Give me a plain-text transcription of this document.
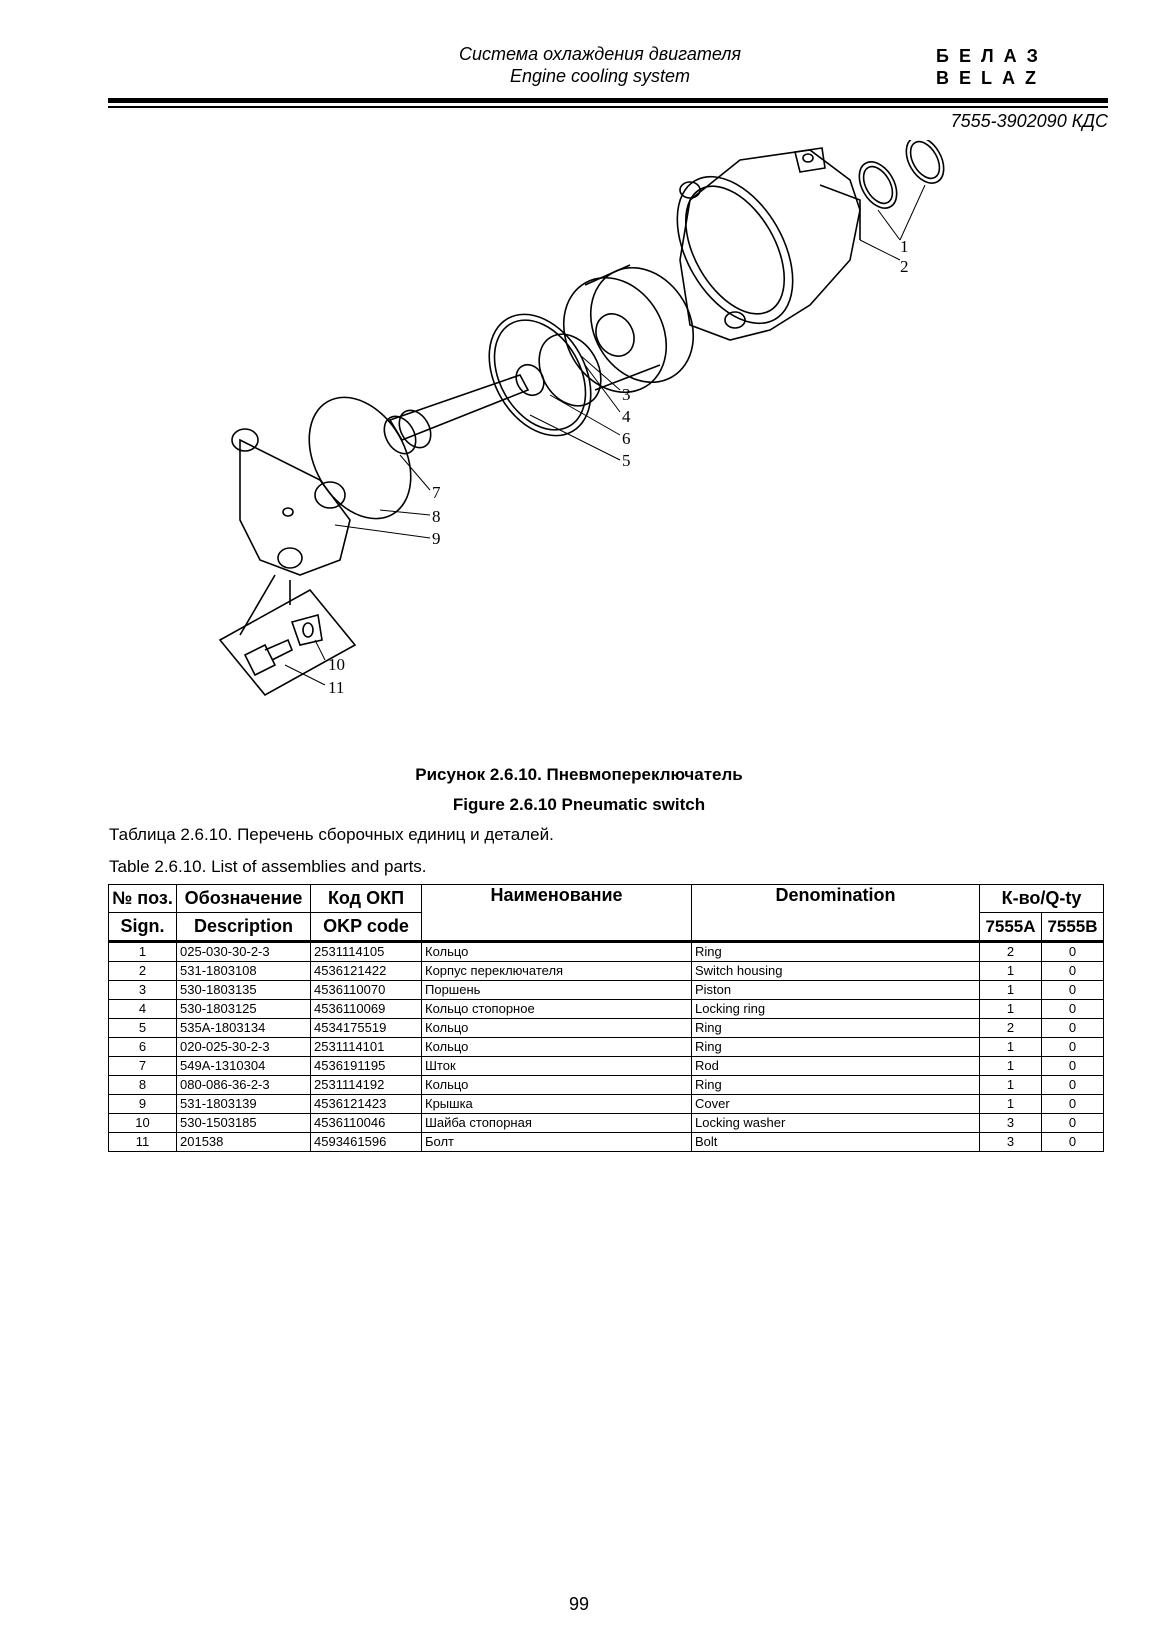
Система охлаждения двигателя
Engine cooling system
БЕЛАЗ
BELAZ
7555-3902090 КДС
1
2
3
4
6
5
7
8
9
10
11
Рисунок 2.6.10. Пневмопереключатель
Figure 2.6.10 Pneumatic switch
Таблица 2.6.10. Перечень сборочных единиц и деталей.
Table 2.6.10. List of assemblies and parts.
№ поз.	Обозначение	Код ОКП	Наименование	Denomination	К-во/Q-ty	
Sign.	Description	OKP code			7555A	7555B
1	025-030-30-2-3	2531114105	Кольцо	Ring	2	0
2	531-1803108	4536121422	Корпус переключателя	Switch housing	1	0
3	530-1803135	4536110070	Поршень	Piston	1	0
4	530-1803125	4536110069	Кольцо стопорное	Locking ring	1	0
5	535A-1803134	4534175519	Кольцо	Ring	2	0
6	020-025-30-2-3	2531114101	Кольцо	Ring	1	0
7	549A-1310304	4536191195	Шток	Rod	1	0
8	080-086-36-2-3	2531114192	Кольцо	Ring	1	0
9	531-1803139	4536121423	Крышка	Cover	1	0
10	530-1503185	4536110046	Шайба стопорная	Locking washer	3	0
11	201538	4593461596	Болт	Bolt	3	0
99
